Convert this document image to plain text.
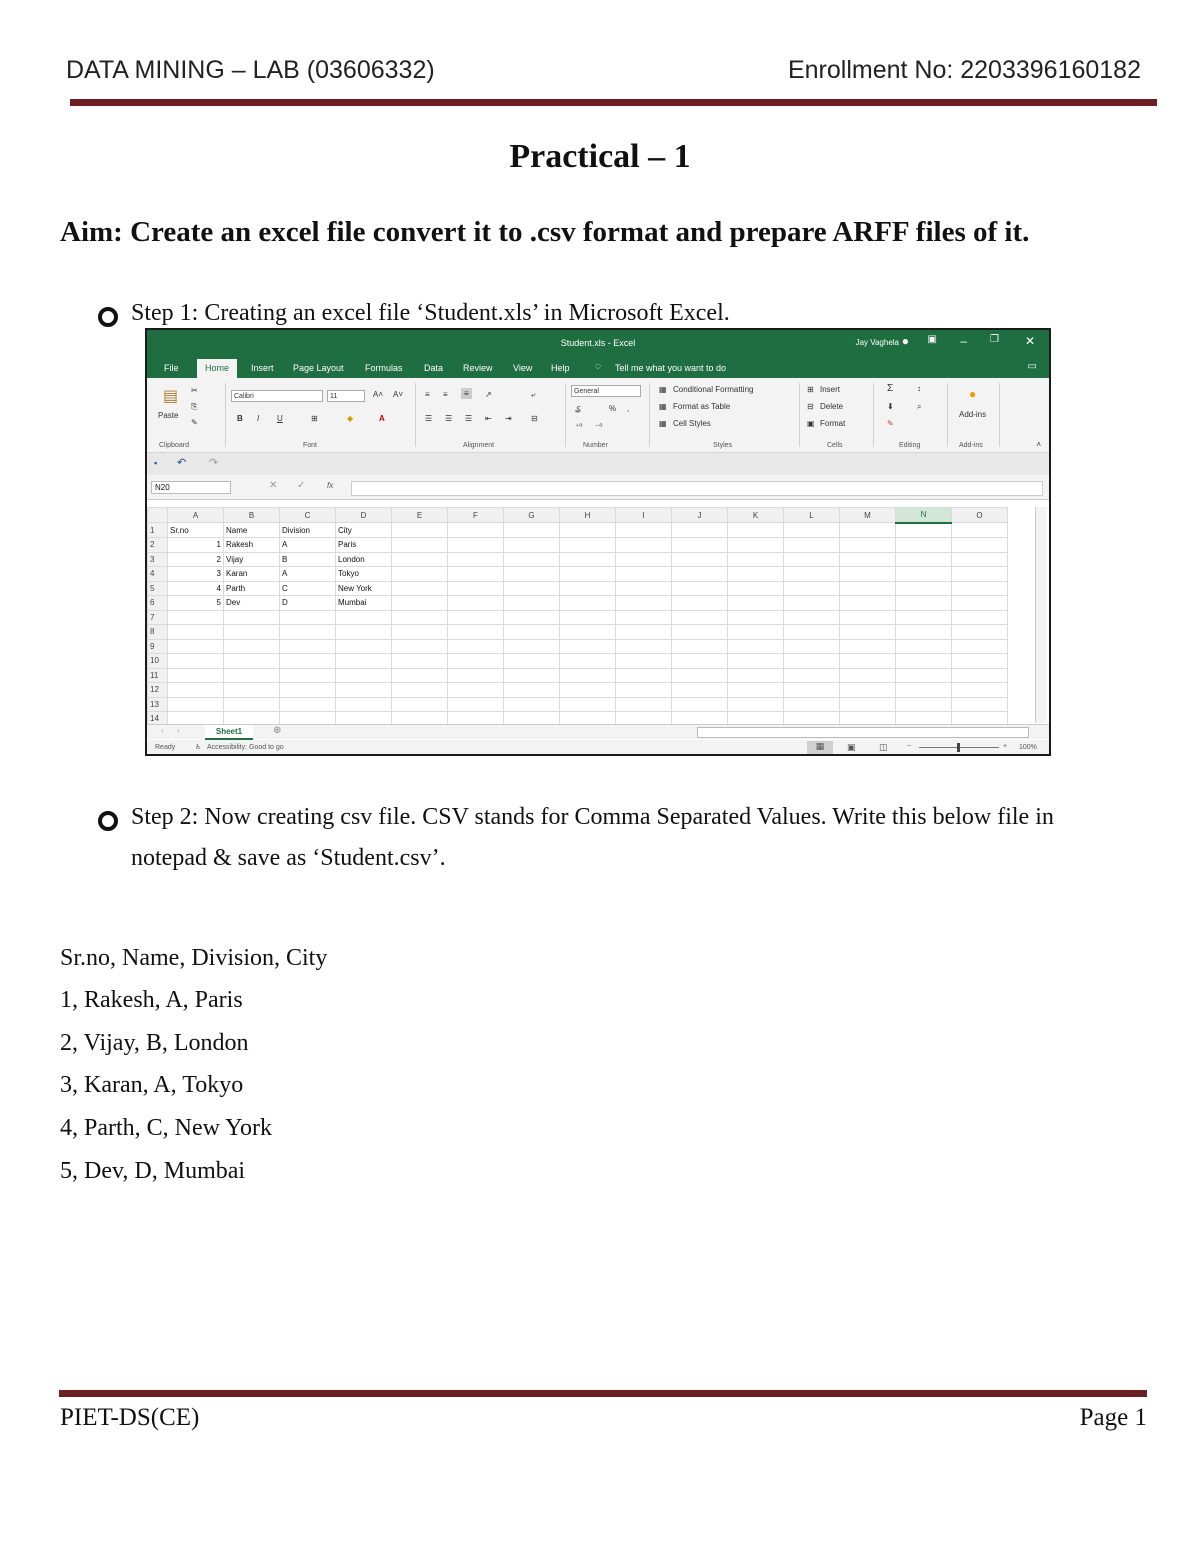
DATA MINING – LAB (03606332)	Enrollment No: 2203396160182
Practical – 1
Aim: Create an excel file convert it to .csv format and prepare ARFF files of it.
Step 1: Creating an excel file ‘Student.xls’ in Microsoft Excel.
Student.xls - Excel	Jay Vaghela ● ▣ – ❐ ✕
File	Home	Insert Page Layout Formulas Data Review View Help	◌ Tell me what you want to do	▭
▤
Paste
✂
⎘
✎
Clipboard
Calibri	11	A˄ A˅
B I U	⊞	◆	A
Font
≡ ≡	≡	↗	⤶
☰ ☰ ☰ ⇤ ⇥ ⊟
Alignment
General
₷	% ,
⁺⁰ ⁻⁰
Number
▦ Conditional Formatting
▦ Format as Table
▦ Cell Styles
Styles
⊞ Insert
⊟ Delete
▣ Format
Cells
Σ	↕
⬇	⌕
✎
Editing
●
Add-ins
Add-ins	˄
▪ ↶ ↷
N20	✕ ✓	fx
	A	B	C	D	E	F	G	H	I	J	K	L	M	N	O
1	Sr.no	Name	Division	City											
2	1	Rakesh	A	Paris											
3	2	Vijay	B	London											
4	3	Karan	A	Tokyo											
5	4	Parth	C	New York											
6	5	Dev	D	Mumbai											
7															
8															
9															
10															
11															
12															
13															
14															
‹ ›	Sheet1	⊕
Ready	♿ Accessibility: Good to go	▦	▣	◫	−	+ 100%
Step 2: Now creating csv file. CSV stands for Comma Separated Values. Write this below file in notepad & save as ‘Student.csv’.
Sr.no, Name, Division, City
1, Rakesh, A, Paris
2, Vijay, B, London
3, Karan, A, Tokyo
4, Parth, C, New York
5, Dev, D, Mumbai
PIET-DS(CE)	Page 1
